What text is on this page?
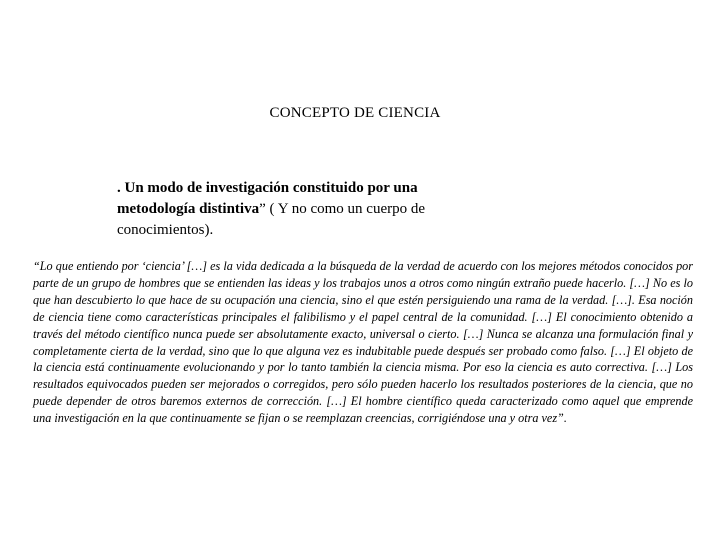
CONCEPTO DE CIENCIA
. Un modo de investigación constituido por una metodología distintiva” ( Y no como un cuerpo de conocimientos).
“Lo que entiendo por ‘ciencia’ […] es la vida dedicada a la búsqueda de la verdad de acuerdo con los mejores métodos conocidos por parte de un grupo de hombres que se entienden las ideas y los trabajos unos a otros como ningún extraño puede hacerlo. […] No es lo que han descubierto lo que hace de su ocupación una ciencia, sino el que estén persiguiendo una rama de la verdad. […]. Esa noción de ciencia tiene como características principales el falibilismo y el papel central de la comunidad. […] El conocimiento obtenido a través del método científico nunca puede ser absolutamente exacto, universal o cierto. […] Nunca se alcanza una formulación final y completamente cierta de la verdad, sino que lo que alguna vez es indubitable puede después ser probado como falso. […] El objeto de la ciencia está continuamente evolucionando y por lo tanto también la ciencia misma. Por eso la ciencia es auto correctiva. […] Los resultados equivocados pueden ser mejorados o corregidos, pero sólo pueden hacerlo los resultados posteriores de la ciencia, que no puede depender de otros baremos externos de corrección. […] El hombre científico queda caracterizado como aquel que emprende una investigación en la que continuamente se fijan o se reemplazan creencias, corrigiéndose una y otra vez”.
